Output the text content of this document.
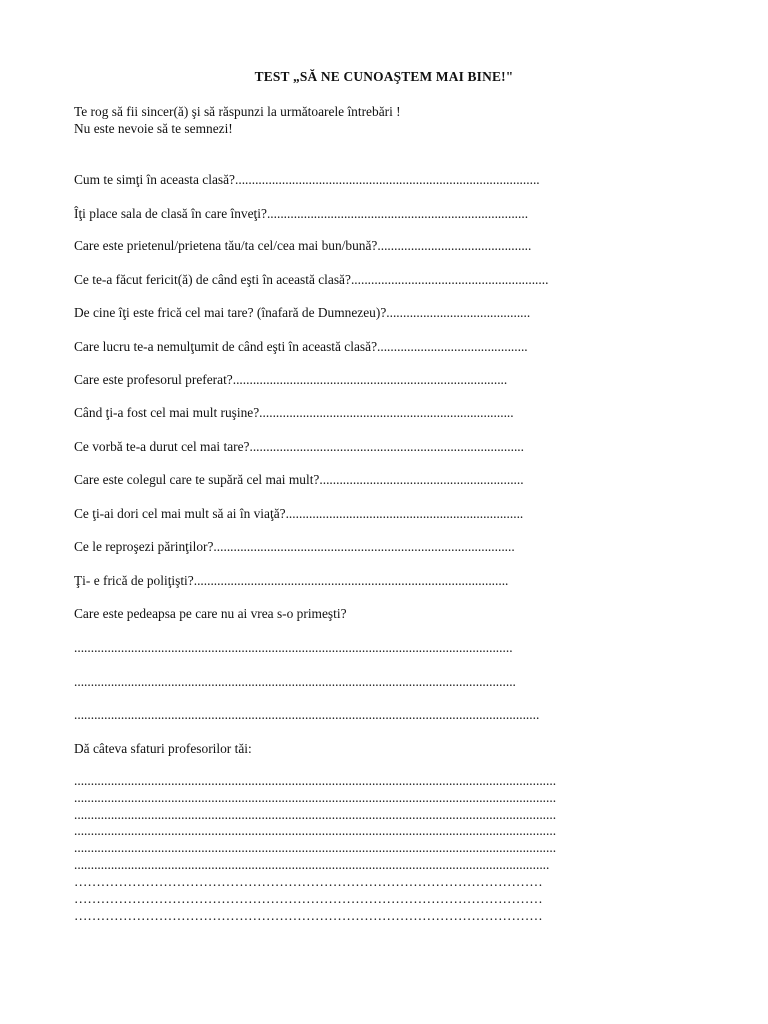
TEST „SĂ NE CUNOAŞTEM MAI BINE!"
Te rog să fii sincer(ă) şi să răspunzi la următoarele întrebări !
Nu este nevoie să te semnezi!
Cum te simţi în aceasta clasă?...........................................................................................
Îţi place sala de clasă în care înveţi?..............................................................................
Care este prietenul/prietena tău/ta cel/cea mai bun/bună?..............................................
Ce te-a făcut fericit(ă) de când eşti în această clasă?...........................................................
De cine îţi este frică cel mai tare? (înafară de Dumnezeu)?...........................................
Care lucru te-a nemulţumit de când eşti în această clasă?.............................................
Care este profesorul preferat?..................................................................................
Când ţi-a fost cel mai mult ruşine?............................................................................
Ce vorbă te-a durut cel mai tare?..................................................................................
Care este colegul care te supără cel mai mult?.............................................................
Ce ţi-ai dori cel mai mult să ai în viaţă?.......................................................................
Ce le reproşezi părinţilor?..........................................................................................
Ţi- e frică de poliţişti?..............................................................................................
Care este pedeapsa pe care nu ai vrea s-o primeşti?
...................................................................................................................................
....................................................................................................................................
...........................................................................................................................................
Dă câteva sfaturi profesorilor tăi:
................................................................................................................................................
................................................................................................................................................
................................................................................................................................................
................................................................................................................................................
................................................................................................................................................
..............................................................................................................................................
……………………………………………………………………………………………
……………………………………………………………………………………………
……………………………………………………………………………………………
